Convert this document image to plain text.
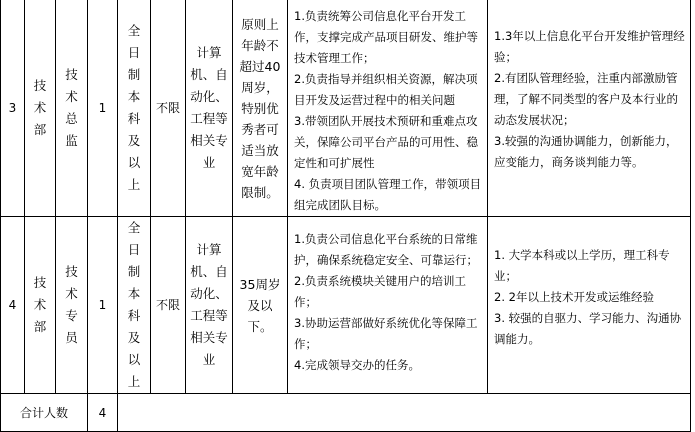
3	技术部	技术总监	1	全日制本科及以上	不限	计算机、自动化、工程等相关专业	原则上年龄不超过40周岁，特别优秀者可适当放宽年龄限制。	1.负责统筹公司信息化平台开发工作，支撑完成产品项目研发、维护等技术管理工作；
2.负责指导并组织相关资源，解决项目开发及运营过程中的相关问题
3.带领团队开展技术预研和重难点攻关，保障公司平台产品的可用性、稳定性和可扩展性
4. 负责项目团队管理工作，带领项目组完成团队目标。	1.3年以上信息化平台开发维护管理经验；
2.有团队管理经验，注重内部激励管理，了解不同类型的客户及本行业的动态发展状况；
3.较强的沟通协调能力，创新能力，应变能力，商务谈判能力等。

4	技术部	技术专员	1	全日制本科及以上	不限	计算机、自动化、工程等相关专业	35周岁及以下。	1.负责公司信息化平台系统的日常维护，确保系统稳定安全、可靠运行；
2.负责系统模块关键用户的培训工作；
3.协助运营部做好系统优化等保障工作；
4.完成领导交办的任务。	1. 大学本科或以上学历，理工科专业；
2. 2年以上技术开发或运维经验
3. 较强的自驱力、学习能力、沟通协调能力。

合计人数			4						
